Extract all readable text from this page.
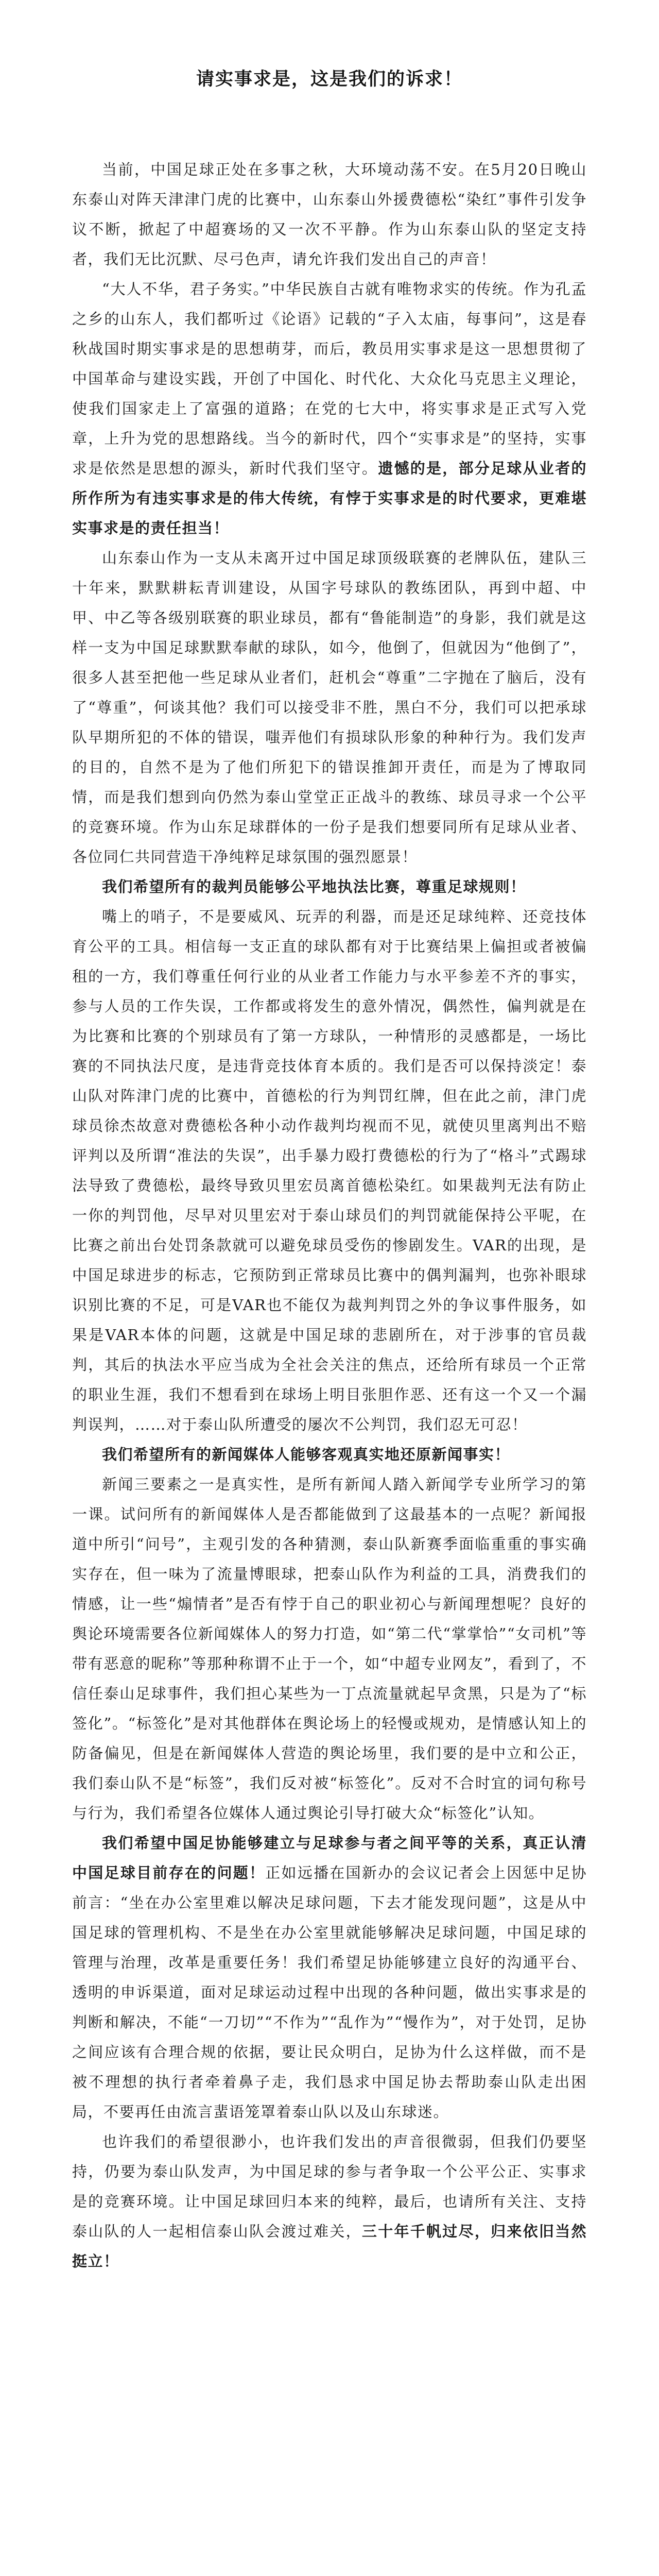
请实事求是，这是我们的诉求！

当前，中国足球正处在多事之秋，大环境动荡不安。在5月20日晚山东泰山对阵天津津门虎的比赛中，山东泰山外援费德松“染红”事件引发争议不断，掀起了中超赛场的又一次不平静。作为山东泰山队的坚定支持者，我们无比沉默、尽弓色声，请允许我们发出自己的声音！

“大人不华，君子务实。”中华民族自古就有唯物求实的传统。作为孔孟之乡的山东人，我们都听过《论语》记载的“子入太庙，每事问”，这是春秋战国时期实事求是的思想萌芽，而后，教员用实事求是这一思想贯彻了中国革命与建设实践，开创了中国化、时代化、大众化马克思主义理论，使我们国家走上了富强的道路；在党的七大中，将实事求是正式写入党章，上升为党的思想路线。当今的新时代，四个“实事求是”的坚持，实事求是依然是思想的源头，新时代我们坚守。遗憾的是，部分足球从业者的所作所为有违实事求是的伟大传统，有悖于实事求是的时代要求，更难堪实事求是的责任担当！

山东泰山作为一支从未离开过中国足球顶级联赛的老牌队伍，建队三十年来，默默耕耘青训建设，从国字号球队的教练团队，再到中超、中甲、中乙等各级别联赛的职业球员，都有“鲁能制造”的身影，我们就是这样一支为中国足球默默奉献的球队，如今，他倒了，但就因为“他倒了”，很多人甚至把他一些足球从业者们，赶机会“尊重”二字抛在了脑后，没有了“尊重”，何谈其他？我们可以接受非不胜，黑白不分，我们可以把承球队早期所犯的不体的错误，嗤弄他们有损球队形象的种种行为。我们发声的目的，自然不是为了他们所犯下的错误推卸开责任，而是为了博取同情，而是我们想到向仍然为泰山堂堂正正战斗的教练、球员寻求一个公平的竞赛环境。作为山东足球群体的一份子是我们想要同所有足球从业者、各位同仁共同营造干净纯粹足球氛围的强烈愿景！

我们希望所有的裁判员能够公平地执法比赛，尊重足球规则！

嘴上的哨子，不是要威风、玩弄的利器，而是还足球纯粹、还竞技体育公平的工具。相信每一支正直的球队都有对于比赛结果上偏担或者被偏租的一方，我们尊重任何行业的从业者工作能力与水平参差不齐的事实，参与人员的工作失误，工作都或将发生的意外情况，偶然性，偏判就是在为比赛和比赛的个别球员有了第一方球队，一种情形的灵感都是，一场比赛的不同执法尺度，是违背竞技体育本质的。我们是否可以保持淡定！泰山队对阵津门虎的比赛中，首德松的行为判罚红牌，但在此之前，津门虎球员徐杰故意对费德松各种小动作裁判均视而不见，就使贝里离判出不赔评判以及所谓“准法的失误”，出手暴力殴打费德松的行为了“格斗”式踢球法导致了费德松，最终导致贝里宏员离首德松染红。如果裁判无法有防止一你的判罚他，尽早对贝里宏对于泰山球员们的判罚就能保持公平呢，在比赛之前出台处罚条款就可以避免球员受伤的惨剧发生。VAR的出现，是中国足球进步的标志，它预防到正常球员比赛中的偶判漏判，也弥补眼球识别比赛的不足，可是VAR也不能仅为裁判判罚之外的争议事件服务，如果是VAR本体的问题，这就是中国足球的悲剧所在，对于涉事的官员裁判，其后的执法水平应当成为全社会关注的焦点，还给所有球员一个正常的职业生涯，我们不想看到在球场上明目张胆作恶、还有这一个又一个漏判误判，……对于泰山队所遭受的屡次不公判罚，我们忍无可忍！

我们希望所有的新闻媒体人能够客观真实地还原新闻事实！

新闻三要素之一是真实性，是所有新闻人踏入新闻学专业所学习的第一课。试问所有的新闻媒体人是否都能做到了这最基本的一点呢？新闻报道中所引“问号”，主观引发的各种猜测，泰山队新赛季面临重重的事实确实存在，但一味为了流量博眼球，把泰山队作为利益的工具，消费我们的情感，让一些“煽情者”是否有悖于自己的职业初心与新闻理想呢？良好的舆论环境需要各位新闻媒体人的努力打造，如“第二代“掌掌恰”“女司机”等带有恶意的昵称”等那种称谓不止于一个，如“中超专业网友”，看到了，不信任泰山足球事件，我们担心某些为一丁点流量就起早贪黑，只是为了“标签化”。“标签化”是对其他群体在舆论场上的轻慢或规劝，是情感认知上的防备偏见，但是在新闻媒体人营造的舆论场里，我们要的是中立和公正，我们泰山队不是“标签”，我们反对被“标签化”。反对不合时宜的词句称号与行为，我们希望各位媒体人通过舆论引导打破大众“标签化”认知。

我们希望中国足协能够建立与足球参与者之间平等的关系，真正认清中国足球目前存在的问题！正如远播在国新办的会议记者会上因惩中足协前言：“坐在办公室里难以解决足球问题，下去才能发现问题”，这是从中国足球的管理机构、不是坐在办公室里就能够解决足球问题，中国足球的管理与治理，改革是重要任务！我们希望足协能够建立良好的沟通平台、透明的申诉渠道，面对足球运动过程中出现的各种问题，做出实事求是的判断和解决，不能“一刀切”“不作为”“乱作为”“慢作为”，对于处罚，足协之间应该有合理合规的依据，要让民众明白，足协为什么这样做，而不是被不理想的执行者牵着鼻子走，我们恳求中国足协去帮助泰山队走出困局，不要再任由流言蜚语笼罩着泰山队以及山东球迷。

也许我们的希望很渺小，也许我们发出的声音很微弱，但我们仍要坚持，仍要为泰山队发声，为中国足球的参与者争取一个公平公正、实事求是的竞赛环境。让中国足球回归本来的纯粹，最后，也请所有关注、支持泰山队的人一起相信泰山队会渡过难关，三十年千帆过尽，归来依旧当然挺立！
